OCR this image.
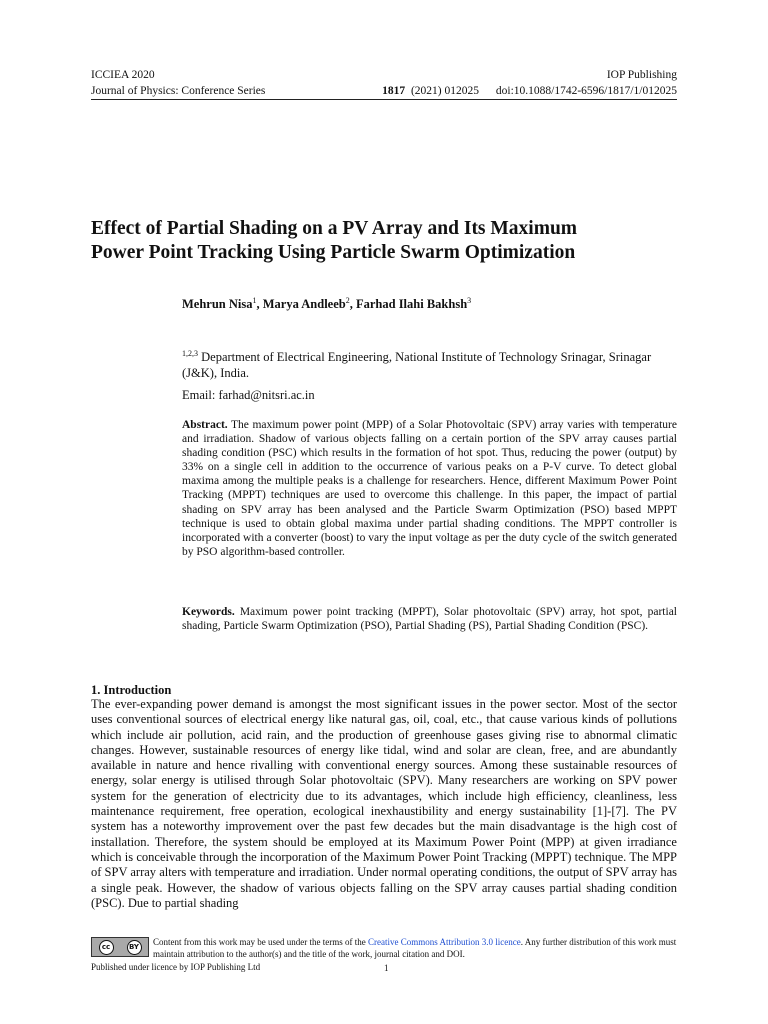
ICCIEA 2020	IOP Publishing
Journal of Physics: Conference Series	1817 (2021) 012025 doi:10.1088/1742-6596/1817/1/012025
Effect of Partial Shading on a PV Array and Its Maximum
Power Point Tracking Using Particle Swarm Optimization
Mehrun Nisa$^1$, Marya Andleeb$^2$, Farhad Ilahi Bakhsh$^3$
$^{1,2,3}$ Department of Electrical Engineering, National Institute of Technology Srinagar, Srinagar (J&K), India.
Email: farhad@nitsri.ac.in
Abstract. The maximum power point (MPP) of a Solar Photovoltaic (SPV) array varies with temperature and irradiation. Shadow of various objects falling on a certain portion of the SPV array causes partial shading condition (PSC) which results in the formation of hot spot. Thus, reducing the power (output) by 33% on a single cell in addition to the occurrence of various peaks on a P-V curve. To detect global maxima among the multiple peaks is a challenge for researchers. Hence, different Maximum Power Point Tracking (MPPT) techniques are used to overcome this challenge. In this paper, the impact of partial shading on SPV array has been analysed and the Particle Swarm Optimization (PSO) based MPPT technique is used to obtain global maxima under partial shading conditions. The MPPT controller is incorporated with a converter (boost) to vary the input voltage as per the duty cycle of the switch generated by PSO algorithm-based controller.
Keywords. Maximum power point tracking (MPPT), Solar photovoltaic (SPV) array, hot spot, partial shading, Particle Swarm Optimization (PSO), Partial Shading (PS), Partial Shading Condition (PSC).
1. Introduction
The ever-expanding power demand is amongst the most significant issues in the power sector. Most of the sector uses conventional sources of electrical energy like natural gas, oil, coal, etc., that cause various kinds of pollutions which include air pollution, acid rain, and the production of greenhouse gases giving rise to abnormal climatic changes. However, sustainable resources of energy like tidal, wind and solar are clean, free, and are abundantly available in nature and hence rivalling with conventional energy sources. Among these sustainable resources of energy, solar energy is utilised through Solar photovoltaic (SPV). Many researchers are working on SPV power system for the generation of electricity due to its advantages, which include high efficiency, cleanliness, less maintenance requirement, free operation, ecological inexhaustibility and energy sustainability [1]-[7]. The PV system has a noteworthy improvement over the past few decades but the main disadvantage is the high cost of installation. Therefore, the system should be employed at its Maximum Power Point (MPP) at given irradiance which is conceivable through the incorporation of the Maximum Power Point Tracking (MPPT) technique. The MPP of SPV array alters with temperature and irradiation. Under normal operating conditions, the output of SPV array has a single peak. However, the shadow of various objects falling on the SPV array causes partial shading condition (PSC). Due to partial shading
cc	BY Content from this work may be used under the terms of the Creative Commons Attribution 3.0 licence. Any further distribution of this work must maintain attribution to the author(s) and the title of the work, journal citation and DOI.
Published under licence by IOP Publishing Ltd	1
